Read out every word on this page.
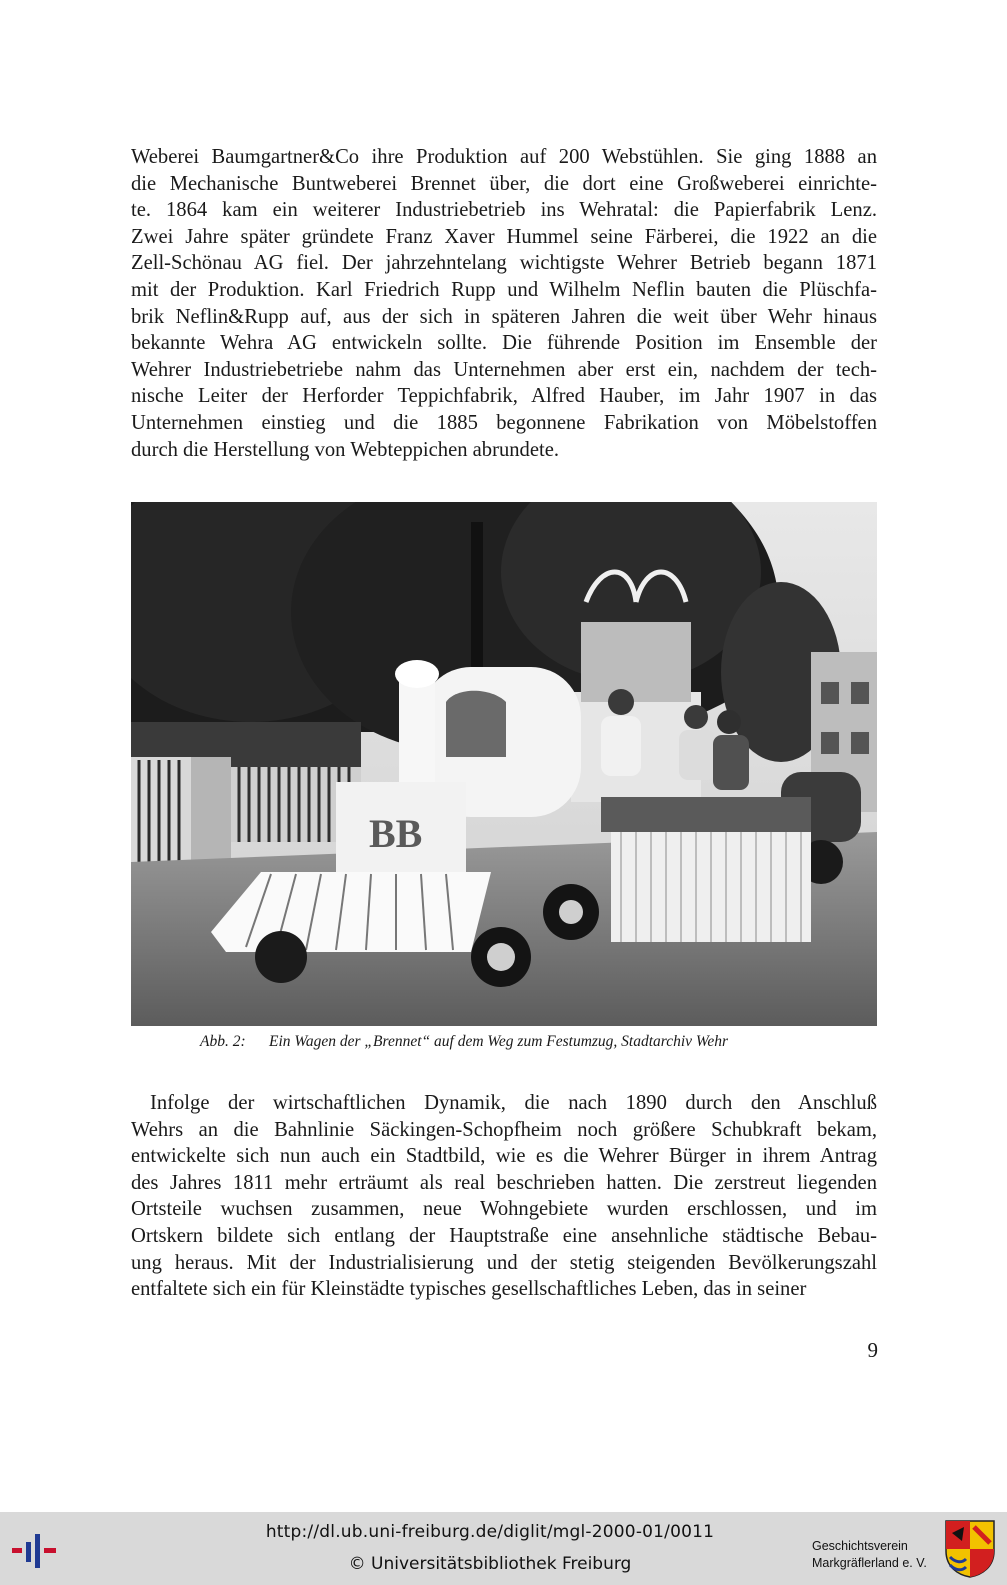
Weberei Baumgartner&Co ihre Produktion auf 200 Webstühlen. Sie ging 1888 an
die Mechanische Buntweberei Brennet über, die dort eine Großweberei einrichte-
te. 1864 kam ein weiterer Industriebetrieb ins Wehratal: die Papierfabrik Lenz.
Zwei Jahre später gründete Franz Xaver Hummel seine Färberei, die 1922 an die
Zell-Schönau AG fiel. Der jahrzehntelang wichtigste Wehrer Betrieb begann 1871
mit der Produktion. Karl Friedrich Rupp und Wilhelm Neflin bauten die Plüschfa-
brik Neflin&Rupp auf, aus der sich in späteren Jahren die weit über Wehr hinaus
bekannte Wehra AG entwickeln sollte. Die führende Position im Ensemble der
Wehrer Industriebetriebe nahm das Unternehmen aber erst ein, nachdem der tech-
nische Leiter der Herforder Teppichfabrik, Alfred Hauber, im Jahr 1907 in das
Unternehmen einstieg und die 1885 begonnene Fabrikation von Möbelstoffen
durch die Herstellung von Webteppichen abrundete.
BB
Abb. 2: Ein Wagen der „Brennet“ auf dem Weg zum Festumzug, Stadtarchiv Wehr
Infolge der wirtschaftlichen Dynamik, die nach 1890 durch den Anschluß
Wehrs an die Bahnlinie Säckingen-Schopfheim noch größere Schubkraft bekam,
entwickelte sich nun auch ein Stadtbild, wie es die Wehrer Bürger in ihrem Antrag
des Jahres 1811 mehr erträumt als real beschrieben hatten. Die zerstreut liegenden
Ortsteile wuchsen zusammen, neue Wohngebiete wurden erschlossen, und im
Ortskern bildete sich entlang der Hauptstraße eine ansehnliche städtische Bebau-
ung heraus. Mit der Industrialisierung und der stetig steigenden Bevölkerungszahl
entfaltete sich ein für Kleinstädte typisches gesellschaftliches Leben, das in seiner
9
http://dl.ub.uni-freiburg.de/diglit/mgl-2000-01/0011
© Universitätsbibliothek Freiburg
Geschichtsverein
Markgräflerland e. V.
